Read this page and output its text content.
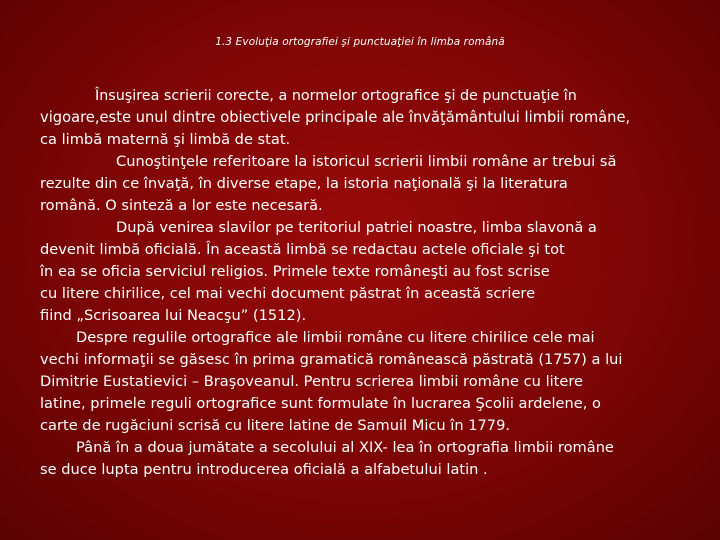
1.3 Evoluţia ortografiei şi punctuaţiei în limba română
Însuşirea scrierii corecte, a normelor ortografice şi de punctuaţie în
vigoare,este unul dintre obiectivele principale ale învăţământului limbii române,
ca limbă maternă şi limbă de stat.
Cunoştinţele referitoare la istoricul scrierii limbii române ar trebui să
rezulte din ce învaţă, în diverse etape, la istoria naţională şi la literatura
română. O sinteză a lor este necesară.
După venirea slavilor pe teritoriul patriei noastre, limba slavonă a
devenit limbă oficială. În această limbă se redactau actele oficiale şi tot
în ea se oficia serviciul religios. Primele texte româneşti au fost scrise
cu litere chirilice, cel mai vechi document păstrat în această scriere
fiind „Scrisoarea lui Neacşu” (1512).
Despre regulile ortografice ale limbii române cu litere chirilice cele mai
vechi informaţii se găsesc în prima gramatică românească păstrată (1757) a lui
Dimitrie Eustatievici – Braşoveanul. Pentru scrierea limbii române cu litere
latine, primele reguli ortografice sunt formulate în lucrarea Şcolii ardelene, o
carte de rugăciuni scrisă cu litere latine de Samuil Micu în 1779.
Până în a doua jumătate a secolului al XIX- lea în ortografia limbii române
se duce lupta pentru introducerea oficială a alfabetului latin .
